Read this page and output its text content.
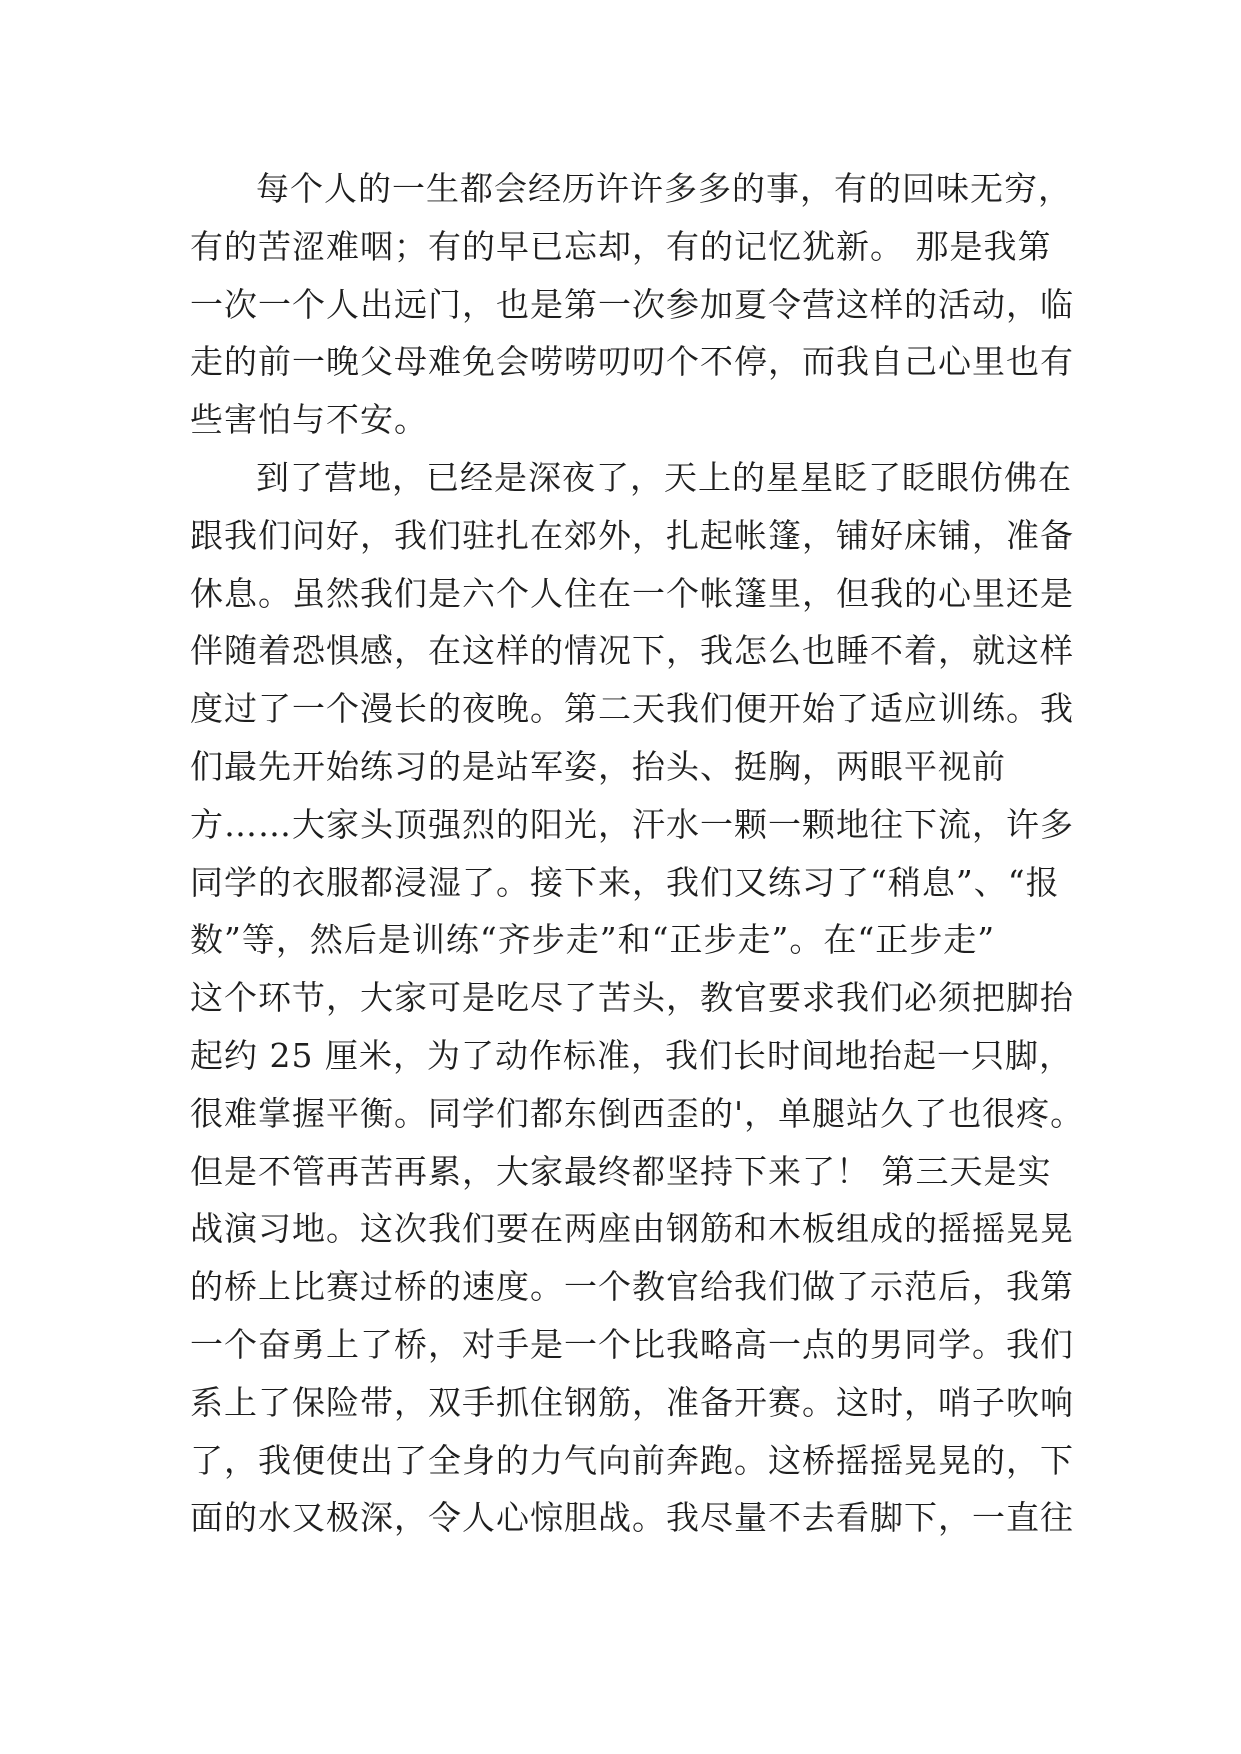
每个人的一生都会经历许许多多的事，有的回味无穷，
有的苦涩难咽；有的早已忘却，有的记忆犹新。 那是我第
一次一个人出远门，也是第一次参加夏令营这样的活动，临
走的前一晚父母难免会唠唠叨叨个不停，而我自己心里也有
些害怕与不安。
到了营地，已经是深夜了，天上的星星眨了眨眼仿佛在
跟我们问好，我们驻扎在郊外，扎起帐篷，铺好床铺，准备
休息。虽然我们是六个人住在一个帐篷里，但我的心里还是
伴随着恐惧感，在这样的情况下，我怎么也睡不着，就这样
度过了一个漫长的夜晚。第二天我们便开始了适应训练。我
们最先开始练习的是站军姿，抬头、挺胸，两眼平视前
方……大家头顶强烈的阳光，汗水一颗一颗地往下流，许多
同学的衣服都浸湿了。接下来，我们又练习了“稍息”、“报
数”等，然后是训练“齐步走”和“正步走”。在“正步走”
这个环节，大家可是吃尽了苦头，教官要求我们必须把脚抬
起约 25 厘米，为了动作标准，我们长时间地抬起一只脚，
很难掌握平衡。同学们都东倒西歪的'，单腿站久了也很疼。
但是不管再苦再累，大家最终都坚持下来了！ 第三天是实
战演习地。这次我们要在两座由钢筋和木板组成的摇摇晃晃
的桥上比赛过桥的速度。一个教官给我们做了示范后，我第
一个奋勇上了桥，对手是一个比我略高一点的男同学。我们
系上了保险带，双手抓住钢筋，准备开赛。这时，哨子吹响
了，我便使出了全身的力气向前奔跑。这桥摇摇晃晃的，下
面的水又极深，令人心惊胆战。我尽量不去看脚下，一直往
